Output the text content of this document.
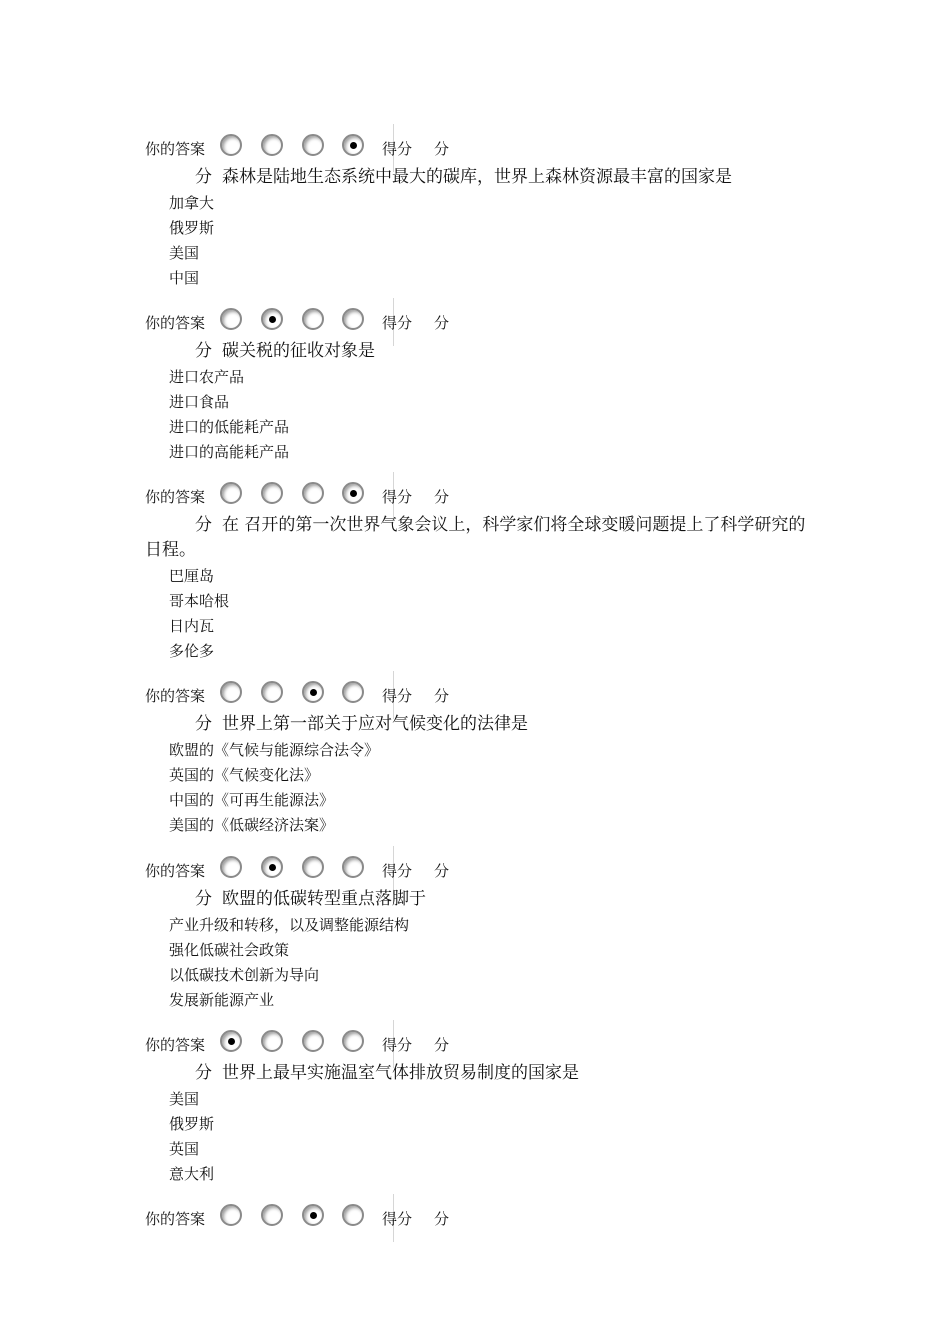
你的答案	得分 分
分 森林是陆地生态系统中最大的碳库，世界上森林资源最丰富的国家是
加拿大
俄罗斯
美国
中国
你的答案	得分 分
分 碳关税的征收对象是
进口农产品
进口食品
进口的低能耗产品
进口的高能耗产品
你的答案	得分 分
分 在 召开的第一次世界气象会议上，科学家们将全球变暖问题提上了科学研究的日程。
巴厘岛
哥本哈根
日内瓦
多伦多
你的答案	得分 分
分 世界上第一部关于应对气候变化的法律是
欧盟的《气候与能源综合法令》
英国的《气候变化法》
中国的《可再生能源法》
美国的《低碳经济法案》
你的答案	得分 分
分 欧盟的低碳转型重点落脚于
产业升级和转移，以及调整能源结构
强化低碳社会政策
以低碳技术创新为导向
发展新能源产业
你的答案	得分 分
分 世界上最早实施温室气体排放贸易制度的国家是
美国
俄罗斯
英国
意大利
你的答案	得分 分
